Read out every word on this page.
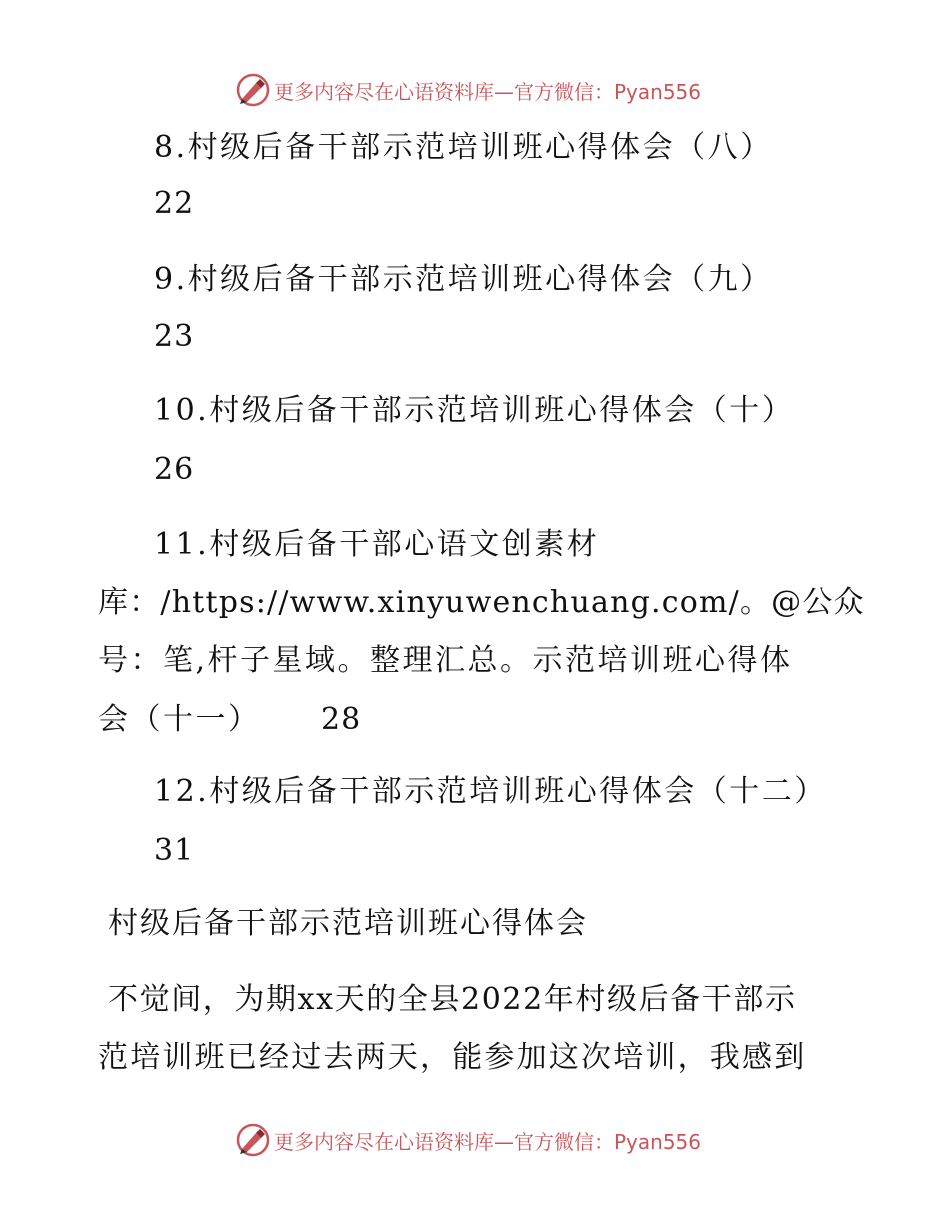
更多内容尽在心语资料库—官方微信：Pyan556
8.村级后备干部示范培训班心得体会（八）
22
9.村级后备干部示范培训班心得体会（九）
23
10.村级后备干部示范培训班心得体会（十）
26
11.村级后备干部心语文创素材
库：/https://www.xinyuwenchuang.com/。@公众
号：笔,杆子星域。整理汇总。示范培训班心得体
会（十一） 28
12.村级后备干部示范培训班心得体会（十二）
31
村级后备干部示范培训班心得体会
不觉间，为期xx天的全县2022年村级后备干部示
范培训班已经过去两天，能参加这次培训，我感到
更多内容尽在心语资料库—官方微信：Pyan556
